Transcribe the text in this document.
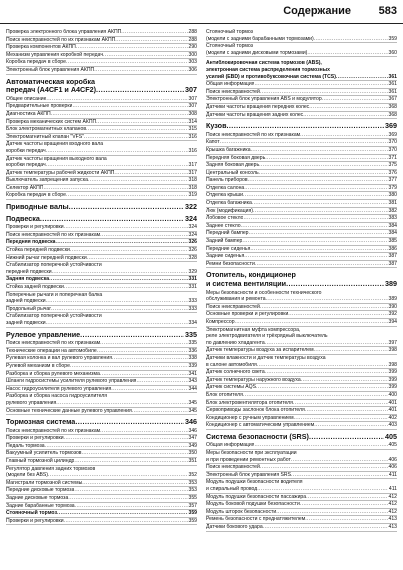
Содержание	583
Проверка электронного блока управления АКПП .....	288
Поиск неисправностей по их признакам АКПП .....	288
Проверка компонентов АКПП .....	290
Механизм управления коробкой передач .....	300
Коробка передач в сборе .....	303
Электронный блок управления АКПП .....	306
Автоматическая коробка
передач (A4CF1 и A4CF2) .....	307
Общее описание .....	307
Предварительные проверки .....	307
Диагностика АКПП .....	308
Проверка механических систем АКПП .....	314
Блок электромагнитных клапанов .....	315
Электромагнитный клапан "VFS" .....	316
Датчик частоты вращения входного вала
коробки передач .....	316
Датчик частоты вращения выходного вала
коробки передач .....	317
Датчик температуры рабочей жидкости АКПП .....	317
Выключатель запрещения запуска .....	318
Селектор АКПП .....	318
Коробка передач в сборе .....	319
Приводные валы .....	322
Подвеска .....	324
Проверки и регулировки .....	324
Поиск неисправностей по их признакам .....	324
Передняя подвеска .....	326
Стойка передней подвески .....	326
Нижний рычаг передней подвески .....	328
Стабилизатор поперечной устойчивости
передней подвески .....	329
Задняя подвеска .....	331
Стойка задней подвески .....	331
Поперечные рычаги и поперечная балка
задней подвески .....	333
Продольный рычаг .....	333
Стабилизатор поперечной устойчивости
задней подвески .....	334
Рулевое управление .....	335
Поиск неисправностей по их признакам .....	335
Технические операции на автомобиле .....	336
Рулевая колонка и вал рулевого управления .....	338
Рулевой механизм в сборе .....	339
Разборка и сборка рулевого механизма .....	341
Шланги гидросистемы усилителя рулевого управления .....	343
Насос гидроусилителя рулевого управления .....	344
Разборка и сборка насоса гидроусилителя
рулевого управления .....	345
Основные технические данные рулевого управления .....	345
Тормозная система .....	346
Поиск неисправностей по их признакам .....	346
Проверки и регулировки .....	347
Педаль тормоза .....	349
Вакуумный усилитель тормозов .....	350
Главный тормозной цилиндр .....	351
Регулятор давления задних тормозов
(модели без ABS) .....	352
Магистрали тормозной системы .....	353
Передние дисковые тормоза .....	353
Задние дисковые тормоза .....	355
Задние барабанные тормоза .....	357
Стояночный тормоз .....	359
Проверки и регулировки .....	359
Стояночный тормоз
(модели с задними барабанными тормозами) .....	359
Стояночный тормоз
(модели с задними дисковыми тормозами) .....	360
Антиблокировочная система тормозов (ABS),
электронная система распределения тормозных
усилий (EBD) и противобуксовочная система (TCS) .....	361
Общая информация .....	361
Поиск неисправностей .....	361
Электронный блок управления ABS и модулятор .....	367
Датчики частоты вращения передних колес .....	368
Датчики частоты вращения задних колес .....	368
Кузов .....	369
Поиск неисправностей по их признакам .....	369
Капот .....	370
Крышка багажника .....	370
Передняя боковая дверь .....	371
Задняя боковая дверь .....	375
Центральный консоль .....	376
Панель приборов .....	377
Отделка салона .....	379
Отделка крыши .....	380
Отделка багажника .....	381
Люк (модификация) .....	382
Лобовое стекло .....	383
Заднее стекло .....	384
Передний бампер .....	384
Задний бампер .....	385
Передние сиденья .....	386
Задние сиденья .....	387
Ремни безопасности .....	387
Отопитель, кондиционер
и система вентиляции .....	389
Меры безопасности и особенности технического
обслуживания и ремонта .....	389
Поиск неисправностей .....	390
Основные проверки и регулировки .....	392
Компрессор .....	394
Электромагнитная муфта компрессора,
реле электродвигателя и трёхрядный выключатель
по давлению хладагента .....	397
Датчик температуры воздуха за испарителем .....	398
Датчики влажности и датчик температуры воздуха
в салоне автомобиля .....	398
Датчик солнечного света .....	399
Датчик температуры наружного воздуха .....	399
Датчик системы AQS .....	399
Блок отопителя .....	400
Блок электровентилятора отопителя .....	401
Сервоприводы заслонок блока отопителя .....	401
Кондиционер с ручным управлением .....	402
Кондиционер с автоматическим управлением .....	403
Система безопасности (SRS) .....	405
Общая информация .....	405
Меры безопасности при эксплуатации
и при проведении ремонтных работ .....	406
Поиск неисправностей .....	406
Электронный блок управления SRS .....	411
Модуль подушки безопасности водителя
и спиральный провод .....	411
Модуль подушки безопасности пассажира .....	412
Модуль боковой подушки безопасности .....	412
Модуль шторок безопасности .....	412
Ремень безопасности с преднатяжителем .....	413
Датчики бокового удара .....	413
